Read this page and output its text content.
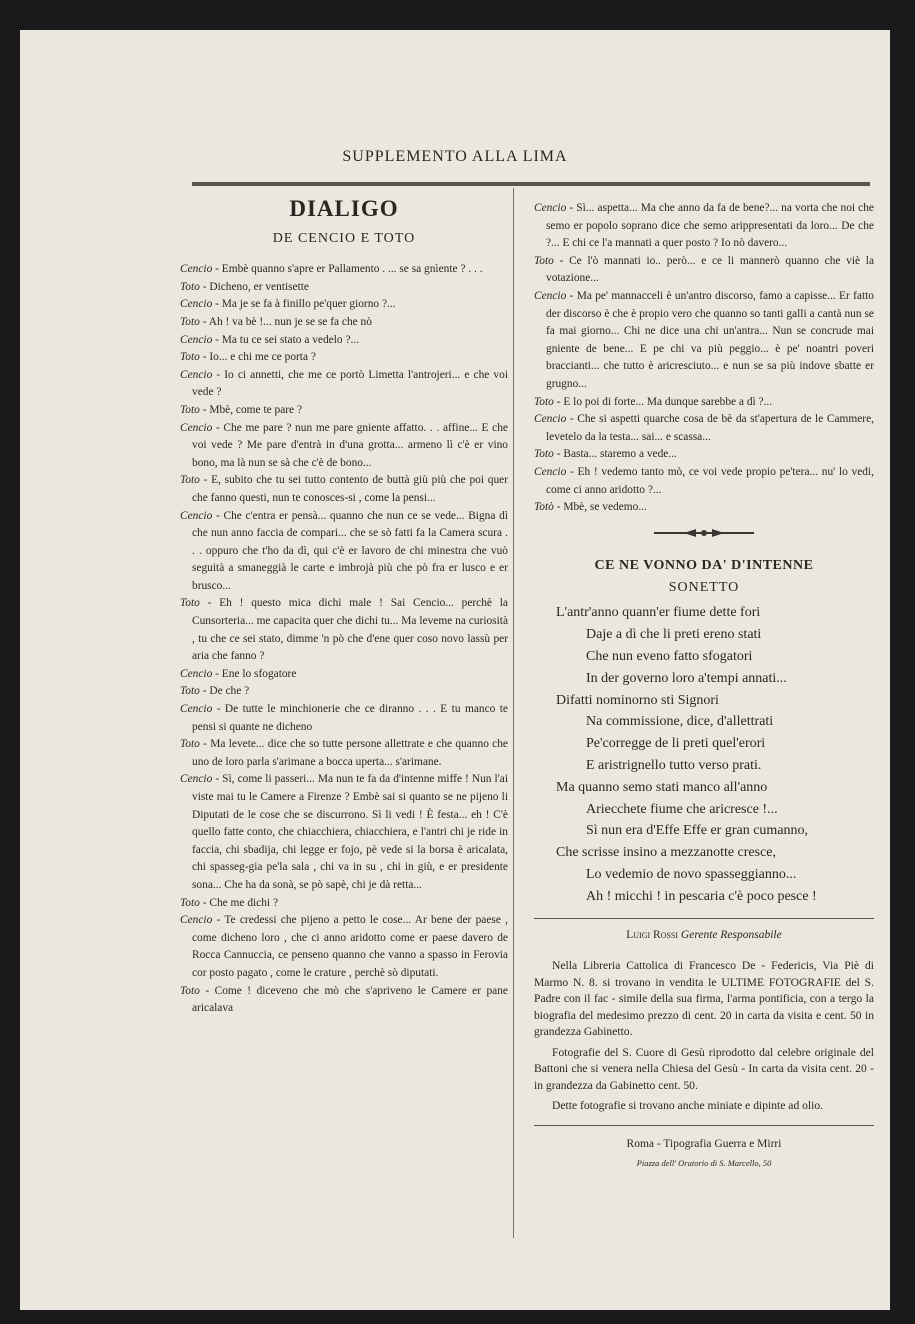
SUPPLEMENTO ALLA LIMA
DIALIGO
DE CENCIO E TOTO

Cencio - Embè quanno s'apre er Pallamento . ... se sa gnìente ? . . .

Toto - Dicheno, er ventisette

Cencio - Ma je se fa à finillo pe'quer giorno ?...

Toto - Ah ! va bè !... nun je se se fa che nò

Cencio - Ma tu ce sei stato a vedelo ?...

Toto - Io... e chi me ce porta ?

Cencio - Io ci annetti, che me ce portò Limetta l'antrojeri... e che voi vede ?

Toto - Mbè, come te pare ?

Cencio - Che me pare ? nun me pare gniente affatto. . . affine... E che voi vede ? Me pare d'entrà in d'una grotta... armeno lì c'è er vino bono, ma là nun se sà che c'è de bono...

Toto - E, subito che tu sei tutto contento de buttà giù più che poi quer che fanno questi, nun te conosces-si , come la pensi...

Cencio - Che c'entra er pensà... quanno che nun ce se vede... Bigna dì che nun anno faccia de compari... che se sò fatti fa la Camera scura . . . oppuro che t'ho da dì, qui c'è er lavoro de chi minestra che vuò seguità a smaneggià le carte e imbrojà più che pò fra er lusco e er brusco...

Toto - Eh ! questo mica dichi male ! Sai Cencio... perchè la Cunsorteria... me capacita quer che dichi tu... Ma leveme na curiosità , tu che ce sei stato, dimme 'n pò che d'ene quer coso novo lassù per aria che fanno ?

Cencio - Ene lo sfogatore

Toto - De che ?

Cencio - De tutte le minchionerie che ce diranno . . . E tu manco te pensi si quante ne dicheno

Toto - Ma levete... dice che so tutte persone allettrate e che quanno che uno de loro parla s'arimane a bocca uperta... s'arimane.

Cencio - Sì, come li passeri... Ma nun te fa da d'intenne miffe ! Nun l'ai viste mai tu le Camere a Firenze ? Embè sai si quanto se ne pijeno li Diputati de le cose che se discurrono. Sì li vedi ! È festa... eh ! C'è quello fatte conto, che chiacchiera, chiacchiera, e l'antri chi je ride in faccia, chi sbadija, chi legge er fojo, pè vede si la borsa è aricalata, chi spasseg-gia pe'la sala , chi va in su , chi in giù, e er presidente sona... Che ha da sonà, se pò sapè, chi je dà retta...

Toto - Che me dichi ?

Cencio - Te credessi che pijeno a petto le cose... Ar bene der paese , come dicheno loro , che ci anno aridotto come er paese davero de Rocca Cannuccia, ce penseno quanno che vanno a spasso in Ferovia cor posto pagato , come le crature , perchè sò diputati.

Toto - Come ! diceveno che mò che s'apriveno le Camere er pane aricalava

Cencio - Sì... aspetta... Ma che anno da fa de bene?... na vorta che noi che semo er popolo soprano dice che semo arippresentati da loro... De che ?... E chi ce l'a mannati a quer posto ? Io nò davero...

Toto - Ce l'ò mannati io.. però... e ce li mannerò quanno che viè la votazione...

Cencio - Ma pe' mannacceli è un'antro discorso, famo a capisse... Er fatto der discorso è che è propio vero che quanno so tanti galli a cantà nun se fa mai giorno... Chi ne dice una chi un'antra... Nun se concrude mai gniente de bene... E pe chi va più peggio... è pe' noantri poveri braccianti... che tutto è aricresciuto... e nun se sa più indove sbatte er grugno...

Toto - E lo poi di forte... Ma dunque sarebbe a dì ?...

Cencio - Che si aspetti quarche cosa de bè da st'apertura de le Cammere, levetelo da la testa... sai... e scassa...

Toto - Basta... staremo a vede...

Cencio - Eh ! vedemo tanto mò, ce voi vede propio pe'tera... nu' lo vedi, come ci anno aridotto ?...

Totò - Mbè, se vedemo...

CE NE VONNO DA' D'INTENNE
SONETTO
L'antr'anno quann'er fiume dette fori
Daje a dì che li preti ereno stati
Che nun eveno fatto sfogatori
In der governo loro a'tempi annati...
Difatti nominorno sti Signori
Na commissione, dice, d'allettrati
Pe'corregge de li preti quel'erori
E aristrignello tutto verso prati.
Ma quanno semo stati manco all'anno
Ariecchete fiume che aricresce !...
Sì nun era d'Effe Effe er gran cumanno,
Che scrisse insino a mezzanotte cresce,
Lo vedemio de novo spasseggianno...
Ah ! micchi ! in pescaria c'è poco pesce !
Luigi Rossi Gerente Responsabile

Nella Libreria Cattolica di Francesco De - Federicis, Via Piè di Marmo N. 8. si trovano in vendita le ULTIME FOTOGRAFIE del S. Padre con il fac - simile della sua firma, l'arma pontificia, con a tergo la biografia del medesimo prezzo di cent. 20 in carta da visita e cent. 50 in grandezza Gabinetto.

Fotografie del S. Cuore di Gesù riprodotto dal celebre originale del Battoni che si venera nella Chiesa del Gesù - In carta da visita cent. 20 - in grandezza da Gabinetto cent. 50.

Dette fotografie si trovano anche miniate e dipinte ad olio.

Roma - Tipografia Guerra e Mirri
Piazza dell' Oratorio di S. Marcello, 50
